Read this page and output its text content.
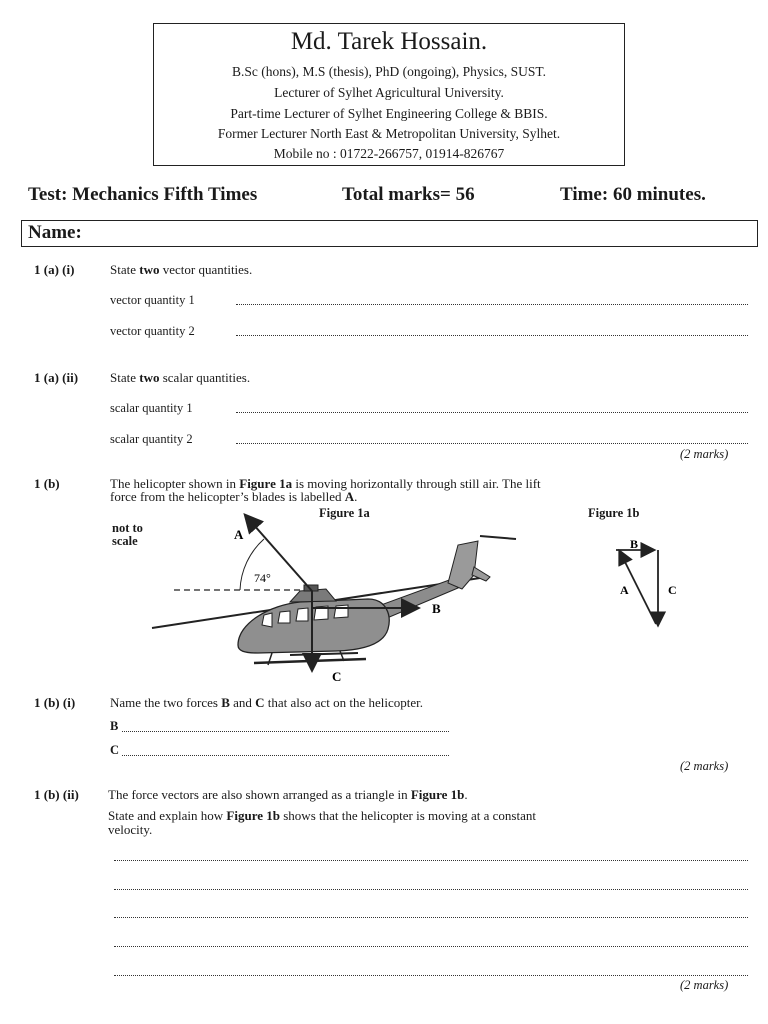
Md. Tarek Hossain.
B.Sc (hons), M.S (thesis), PhD (ongoing), Physics, SUST.
Lecturer of Sylhet Agricultural University.
Part-time Lecturer of Sylhet Engineering College & BBIS.
Former Lecturer North East & Metropolitan University, Sylhet.
Mobile no : 01722-266757, 01914-826767
Test: Mechanics Fifth Times	Total marks= 56	Time: 60 minutes.
Name:
1 (a) (i)	State two vector quantities.
vector quantity 1
vector quantity 2
1 (a) (ii) State two scalar quantities.
scalar quantity 1
scalar quantity 2
(2 marks)
1 (b)	The helicopter shown in Figure 1a is moving horizontally through still air. The lift
force from the helicopter’s blades is labelled A.
not to
scale
Figure 1a	Figure 1b
A
74°
B
C
B
A	C
1 (b) (i)	Name the two forces B and C that also act on the helicopter.
B
C
(2 marks)
1 (b) (ii) The force vectors are also shown arranged as a triangle in Figure 1b.
State and explain how Figure 1b shows that the helicopter is moving at a constant
velocity.
(2 marks)
